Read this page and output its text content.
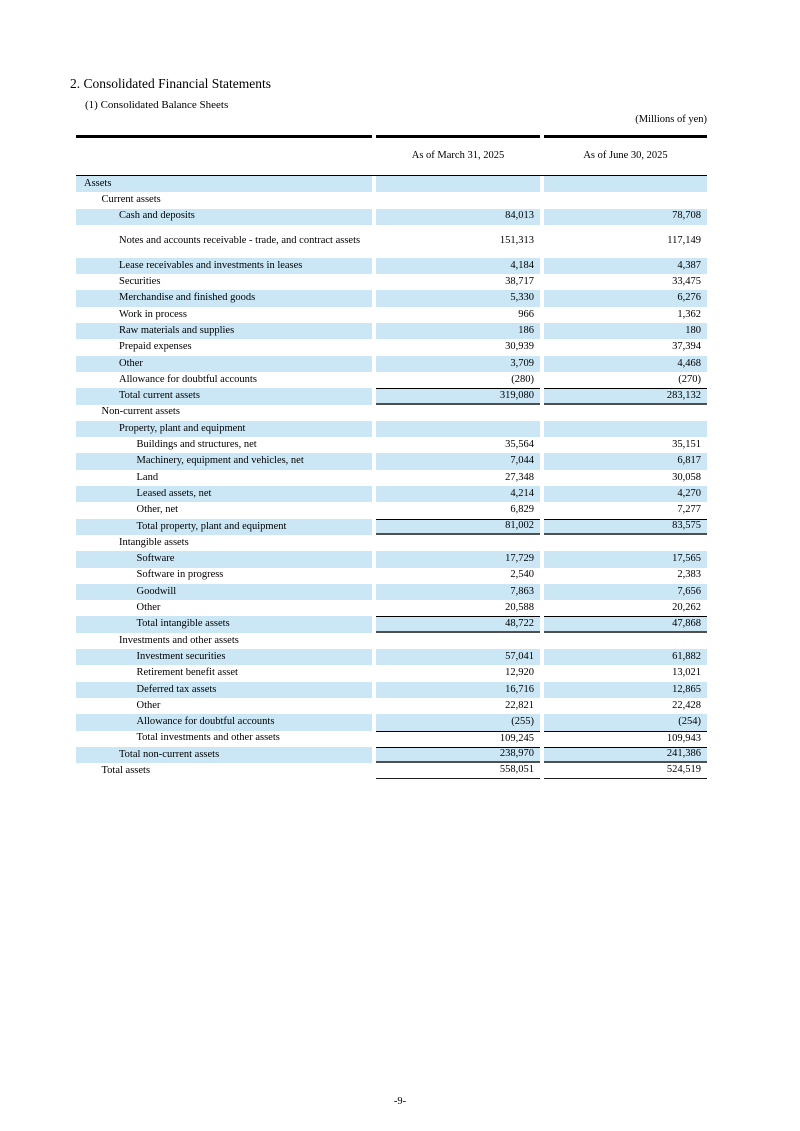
2. Consolidated Financial Statements
(1) Consolidated Balance Sheets
(Millions of yen)
As of March 31, 2025	As of June 30, 2025
Assets
Current assets
Cash and deposits	84,013	78,708
Notes and accounts receivable - trade, and contract assets	151,313	117,149
Lease receivables and investments in leases	4,184	4,387
Securities	38,717	33,475
Merchandise and finished goods	5,330	6,276
Work in process	966	1,362
Raw materials and supplies	186	180
Prepaid expenses	30,939	37,394
Other	3,709	4,468
Allowance for doubtful accounts	(280)	(270)
Total current assets	319,080	283,132
Non-current assets
Property, plant and equipment
Buildings and structures, net	35,564	35,151
Machinery, equipment and vehicles, net	7,044	6,817
Land	27,348	30,058
Leased assets, net	4,214	4,270
Other, net	6,829	7,277
Total property, plant and equipment	81,002	83,575
Intangible assets
Software	17,729	17,565
Software in progress	2,540	2,383
Goodwill	7,863	7,656
Other	20,588	20,262
Total intangible assets	48,722	47,868
Investments and other assets
Investment securities	57,041	61,882
Retirement benefit asset	12,920	13,021
Deferred tax assets	16,716	12,865
Other	22,821	22,428
Allowance for doubtful accounts	(255)	(254)
Total investments and other assets	109,245	109,943
Total non-current assets	238,970	241,386
Total assets	558,051	524,519
-9-
